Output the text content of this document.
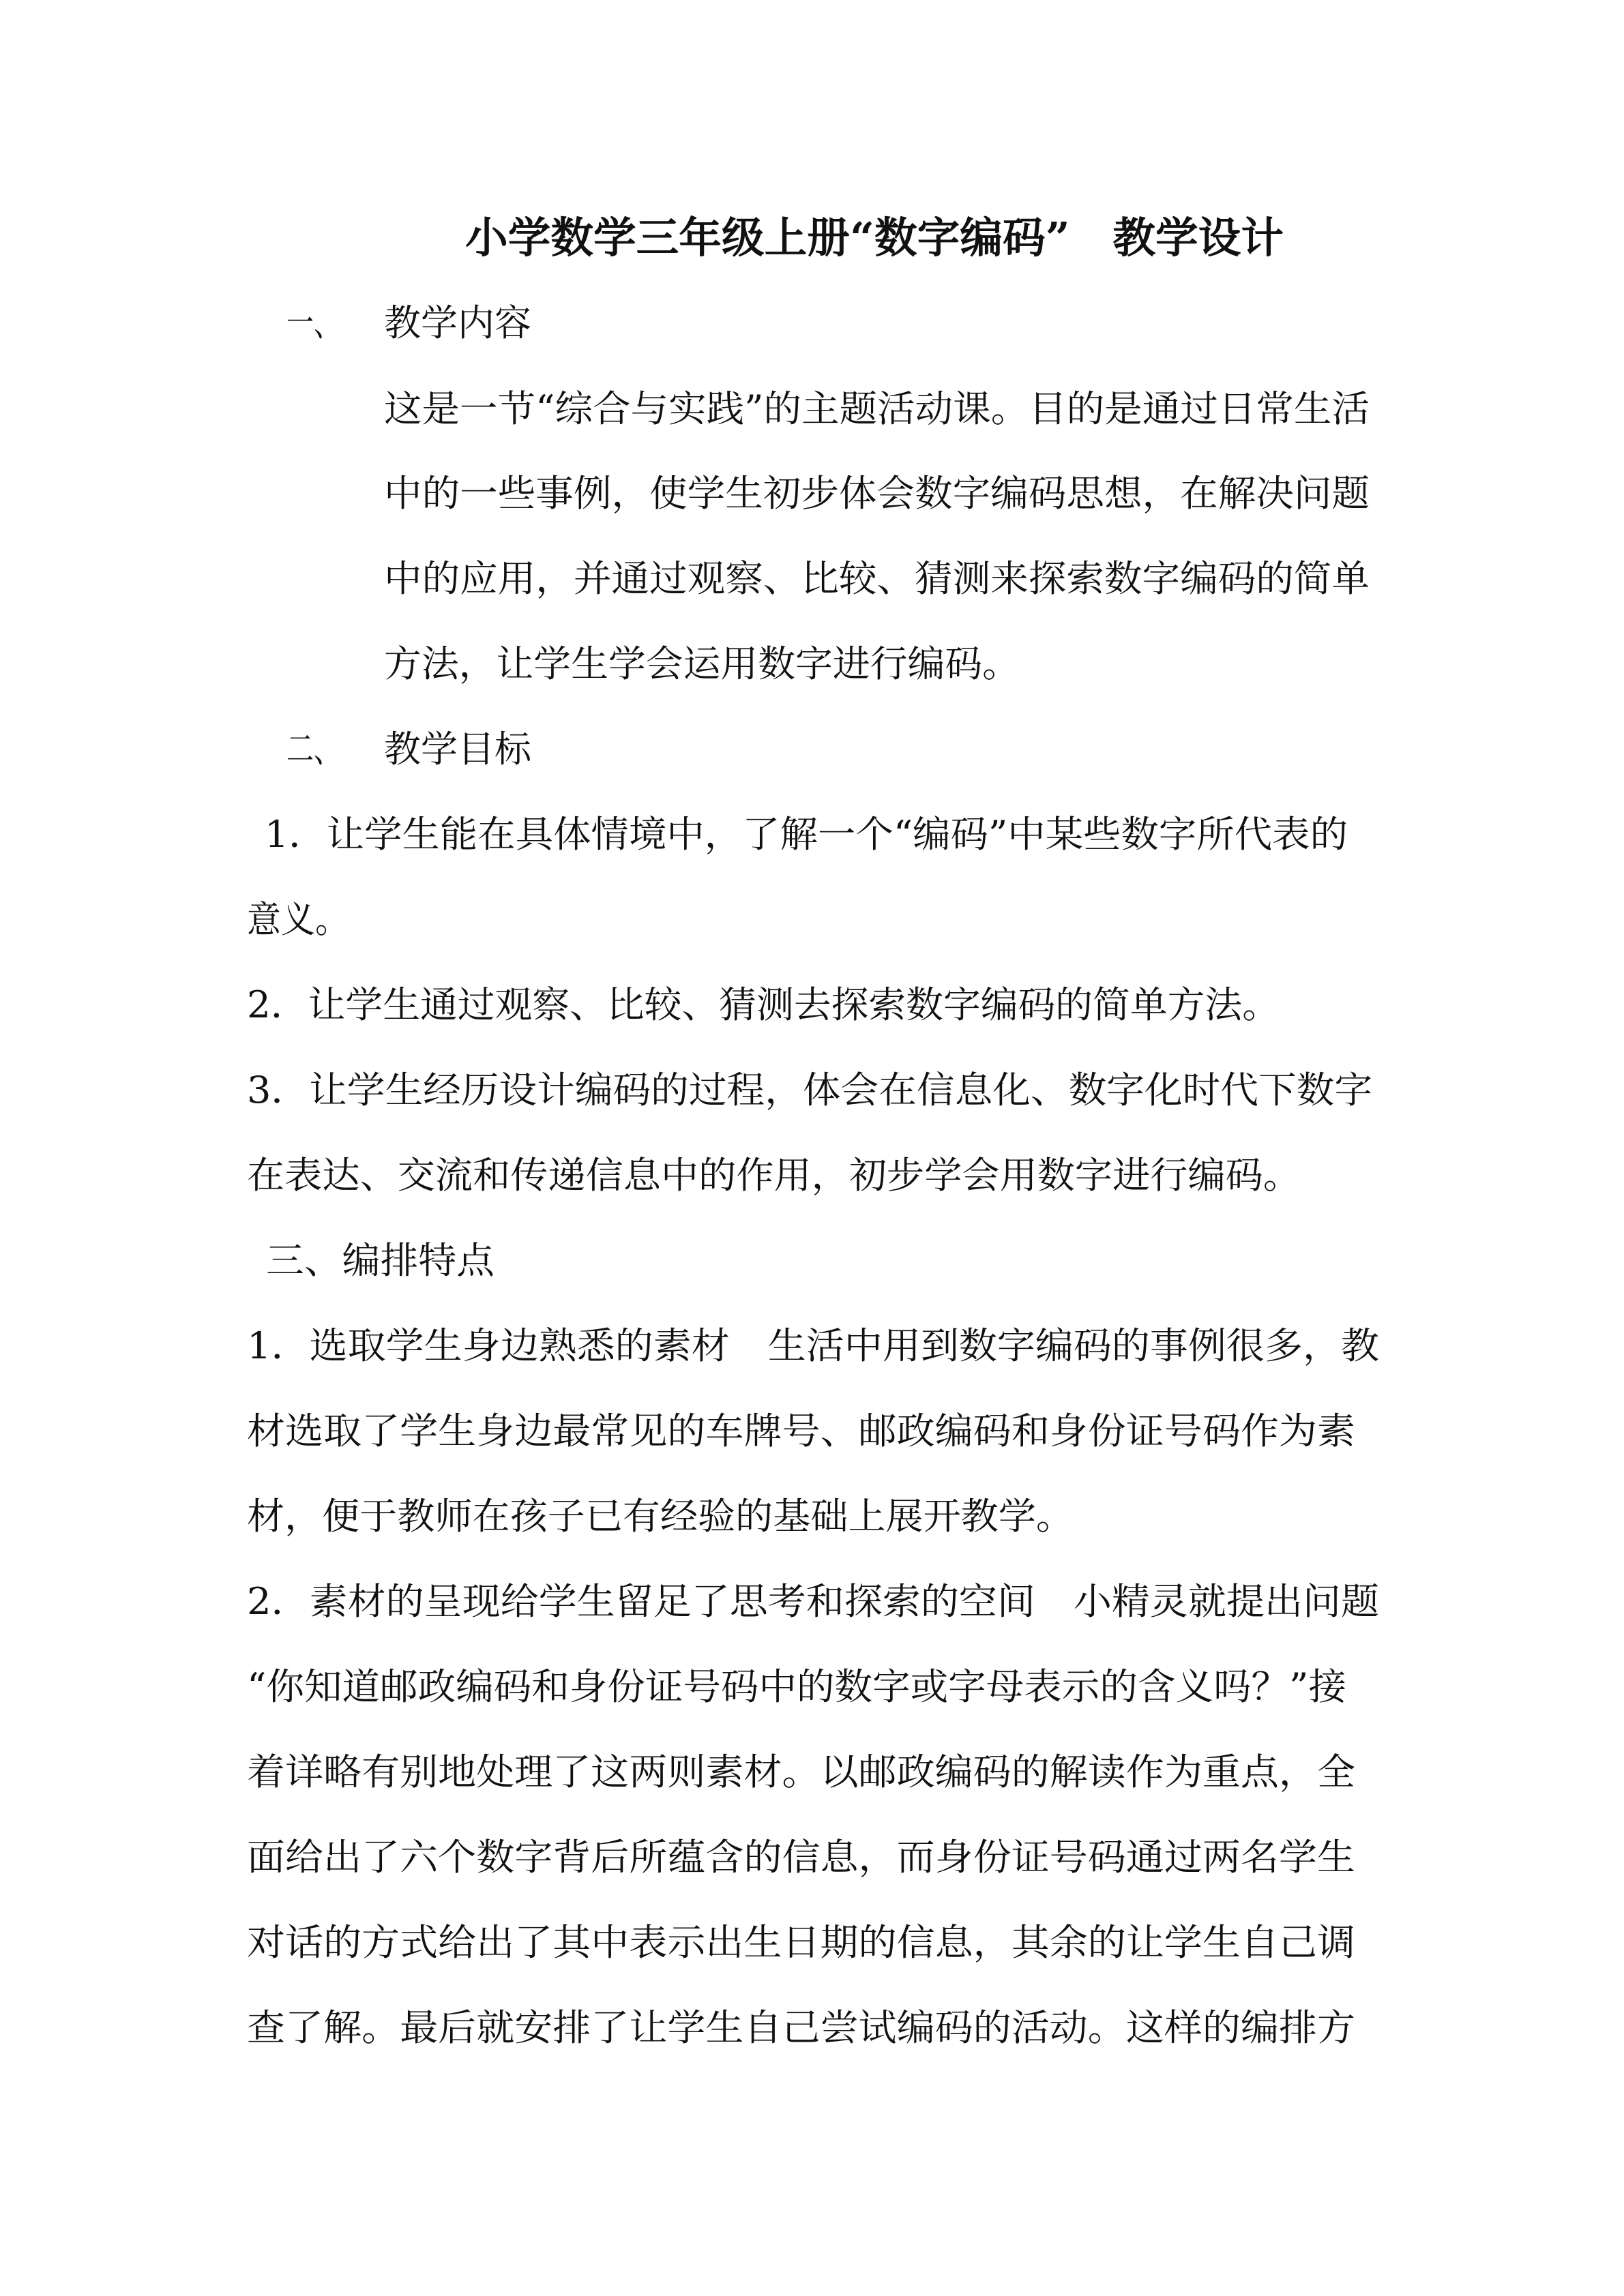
小学数学三年级上册“数字编码”　教学设计

一、 教学内容

这是一节“综合与实践”的主题活动课。目的是通过日常生活

中的一些事例，使学生初步体会数字编码思想，在解决问题

中的应用，并通过观察、比较、猜测来探索数字编码的简单

方法，让学生学会运用数字进行编码。

二、 教学目标

1．让学生能在具体情境中，了解一个“编码”中某些数字所代表的

意义。

2．让学生通过观察、比较、猜测去探索数字编码的简单方法。

3．让学生经历设计编码的过程，体会在信息化、数字化时代下数字

在表达、交流和传递信息中的作用，初步学会用数字进行编码。

三、编排特点

1．选取学生身边熟悉的素材　生活中用到数字编码的事例很多，教

材选取了学生身边最常见的车牌号、邮政编码和身份证号码作为素

材，便于教师在孩子已有经验的基础上展开教学。

2．素材的呈现给学生留足了思考和探索的空间　小精灵就提出问题

“你知道邮政编码和身份证号码中的数字或字母表示的含义吗？”接

着详略有别地处理了这两则素材。以邮政编码的解读作为重点，全

面给出了六个数字背后所蕴含的信息，而身份证号码通过两名学生

对话的方式给出了其中表示出生日期的信息，其余的让学生自己调

查了解。最后就安排了让学生自己尝试编码的活动。这样的编排方
